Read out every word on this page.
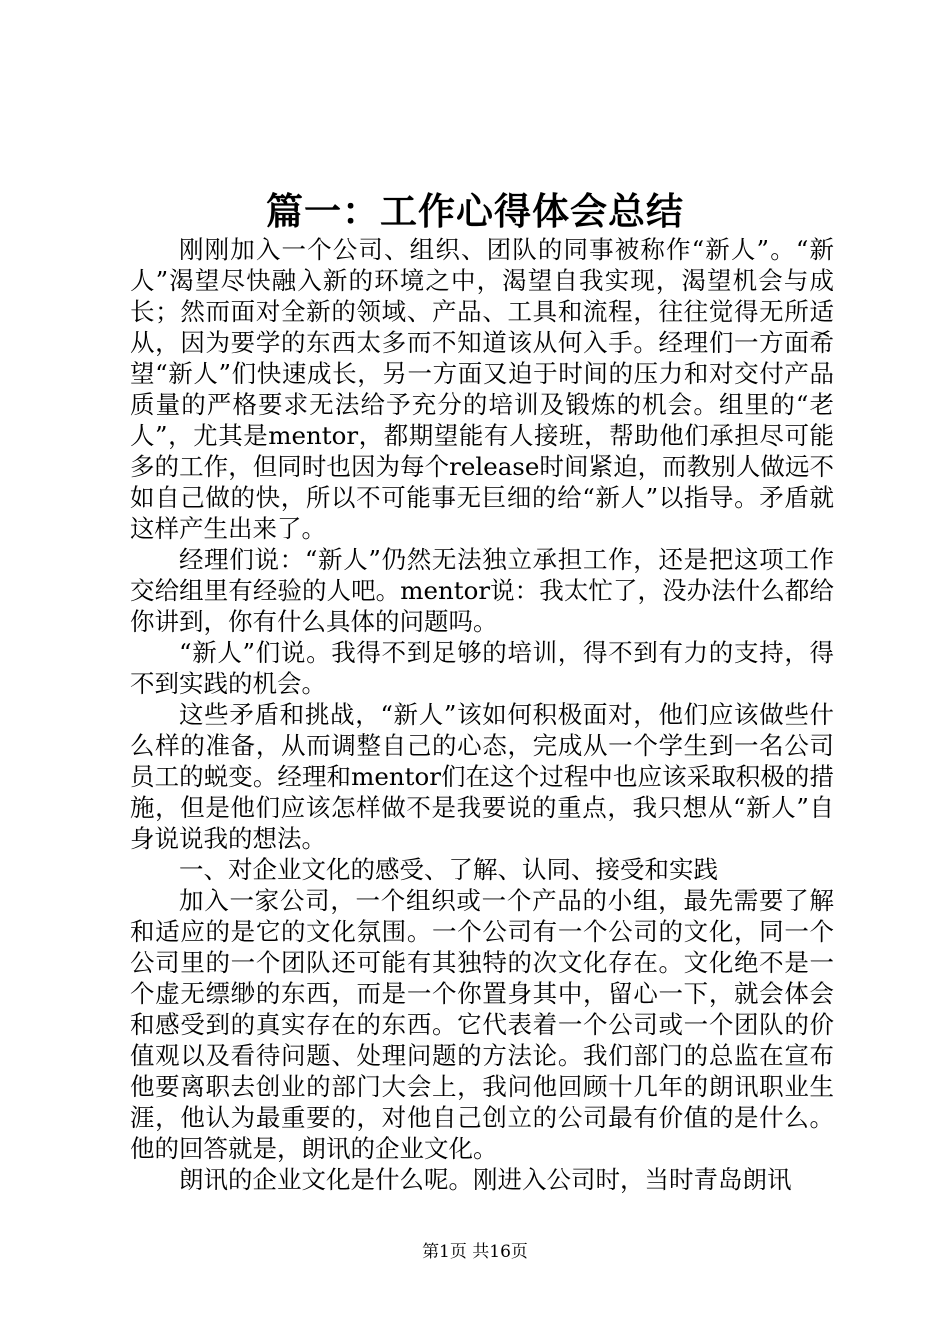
篇一：工作心得体会总结

刚刚加入一个公司、组织、团队的同事被称作“新人”。“新人”渴望尽快融入新的环境之中，渴望自我实现，渴望机会与成长；然而面对全新的领域、产品、工具和流程，往往觉得无所适从，因为要学的东西太多而不知道该从何入手。经理们一方面希望“新人”们快速成长，另一方面又迫于时间的压力和对交付产品质量的严格要求无法给予充分的培训及锻炼的机会。组里的“老人”，尤其是mentor，都期望能有人接班，帮助他们承担尽可能多的工作，但同时也因为每个release时间紧迫，而教别人做远不如自己做的快，所以不可能事无巨细的给“新人”以指导。矛盾就这样产生出来了。

经理们说：“新人”仍然无法独立承担工作，还是把这项工作交给组里有经验的人吧。mentor说：我太忙了，没办法什么都给你讲到，你有什么具体的问题吗。

“新人”们说。我得不到足够的培训，得不到有力的支持，得不到实践的机会。

这些矛盾和挑战，“新人”该如何积极面对，他们应该做些什么样的准备，从而调整自己的心态，完成从一个学生到一名公司员工的蜕变。经理和mentor们在这个过程中也应该采取积极的措施，但是他们应该怎样做不是我要说的重点，我只想从“新人”自身说说我的想法。

一、对企业文化的感受、了解、认同、接受和实践

加入一家公司，一个组织或一个产品的小组，最先需要了解和适应的是它的文化氛围。一个公司有一个公司的文化，同一个公司里的一个团队还可能有其独特的次文化存在。文化绝不是一个虚无缥缈的东西，而是一个你置身其中，留心一下，就会体会和感受到的真实存在的东西。它代表着一个公司或一个团队的价值观以及看待问题、处理问题的方法论。我们部门的总监在宣布他要离职去创业的部门大会上，我问他回顾十几年的朗讯职业生涯，他认为最重要的，对他自己创立的公司最有价值的是什么。他的回答就是，朗讯的企业文化。

朗讯的企业文化是什么呢。刚进入公司时，当时青岛朗讯

第1页 共16页
